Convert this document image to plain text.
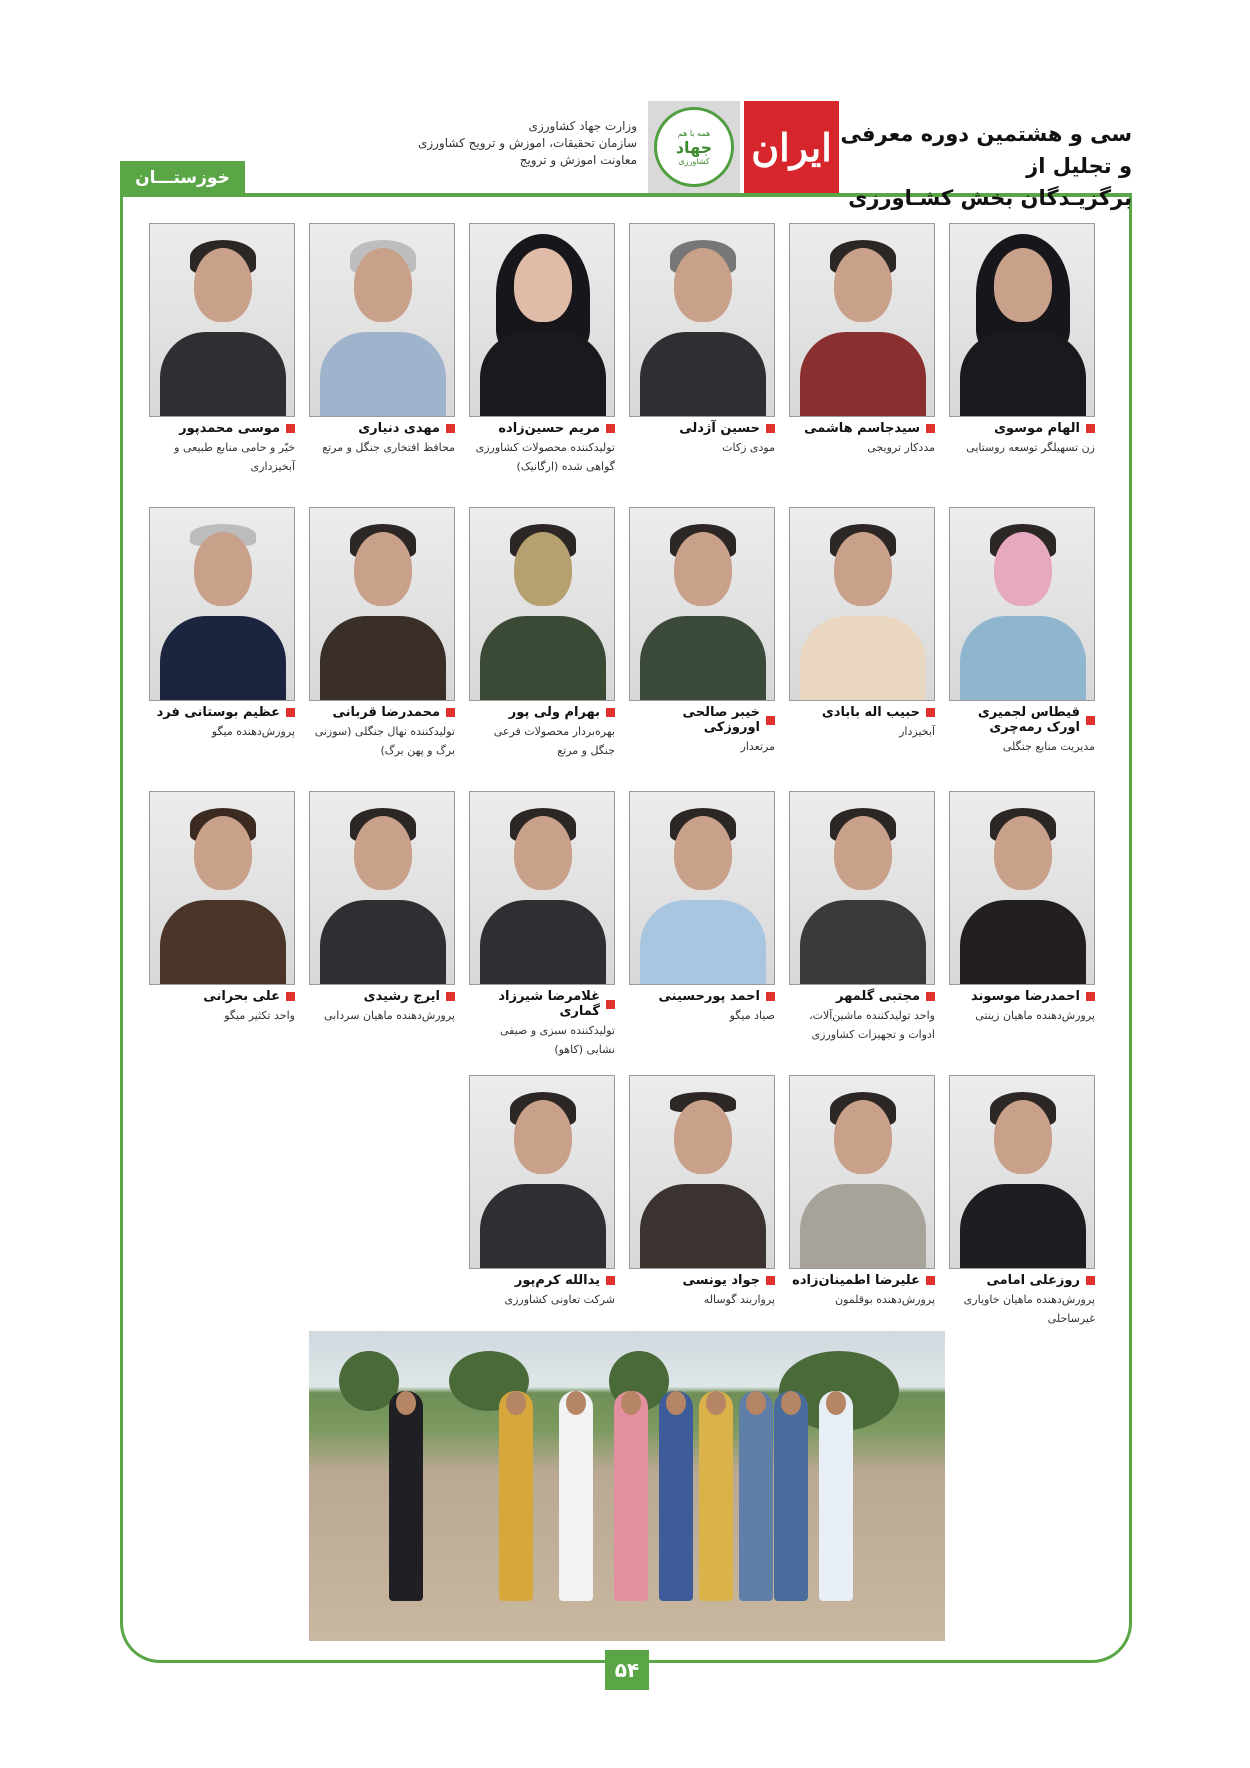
خوزستـــان
سی و هشتمین دوره معرفی و تجلیل از
برگزیـدگان بخش کشـاورزی
ایران
همه با هم
جهاد
کشاورزی
وزارت جهاد کشاورزی
سازمان تحقیقات، اموزش و ترویج کشاورزی
معاونت اموزش و ترویج
الهام موسوی
زن تسهیلگر توسعه روستایی
سیدجاسم هاشمی
مددکار ترویجی
حسین آژدلی
مودی زکات
مریم حسین‌زاده
تولیدکننده محصولات کشاورزی گواهی شده (ارگانیک)
مهدی دنیاری
محافظ افتخاری جنگل و مرتع
موسی محمدپور
خیّر و حامی منابع طبیعی و آبخیزداری
قیطاس لجمیری اورک رمه‌چری
مدیریت منابع جنگلی
حبیب اله بابادی
آبخیزدار
خیبر صالحی اوروزکی
مرتعدار
بهرام ولی پور
بهره‌بردار محصولات فرعی جنگل و مرتع
محمدرضا قربانی
تولیدکننده نهال جنگلی (سوزنی برگ و پهن برگ)
عظیم بوستانی فرد
پرورش‌دهنده میگو
احمدرضا موسوند
پرورش‌دهنده ماهیان زینتی
مجتبی گلمهر
واحد تولیدکننده ماشین‌آلات، ادوات و تجهیزات کشاورزی
احمد پورحسینی
صیاد میگو
غلامرضا شیرزاد گماری
تولیدکننده سبزی و صیفی نشایی (کاهو)
ایرج رشیدی
پرورش‌دهنده ماهیان سردابی
علی بحرانی
واحد تکثیر میگو
روزعلی امامی
پرورش‌دهنده ماهیان خاویاری غیرساحلی
علیرضا اطمینان‌زاده
پرورش‌دهنده بوقلمون
جواد یونسی
پرواربند گوساله
یدالله کرم‌پور
شرکت تعاونی کشاورزی
۵۴
